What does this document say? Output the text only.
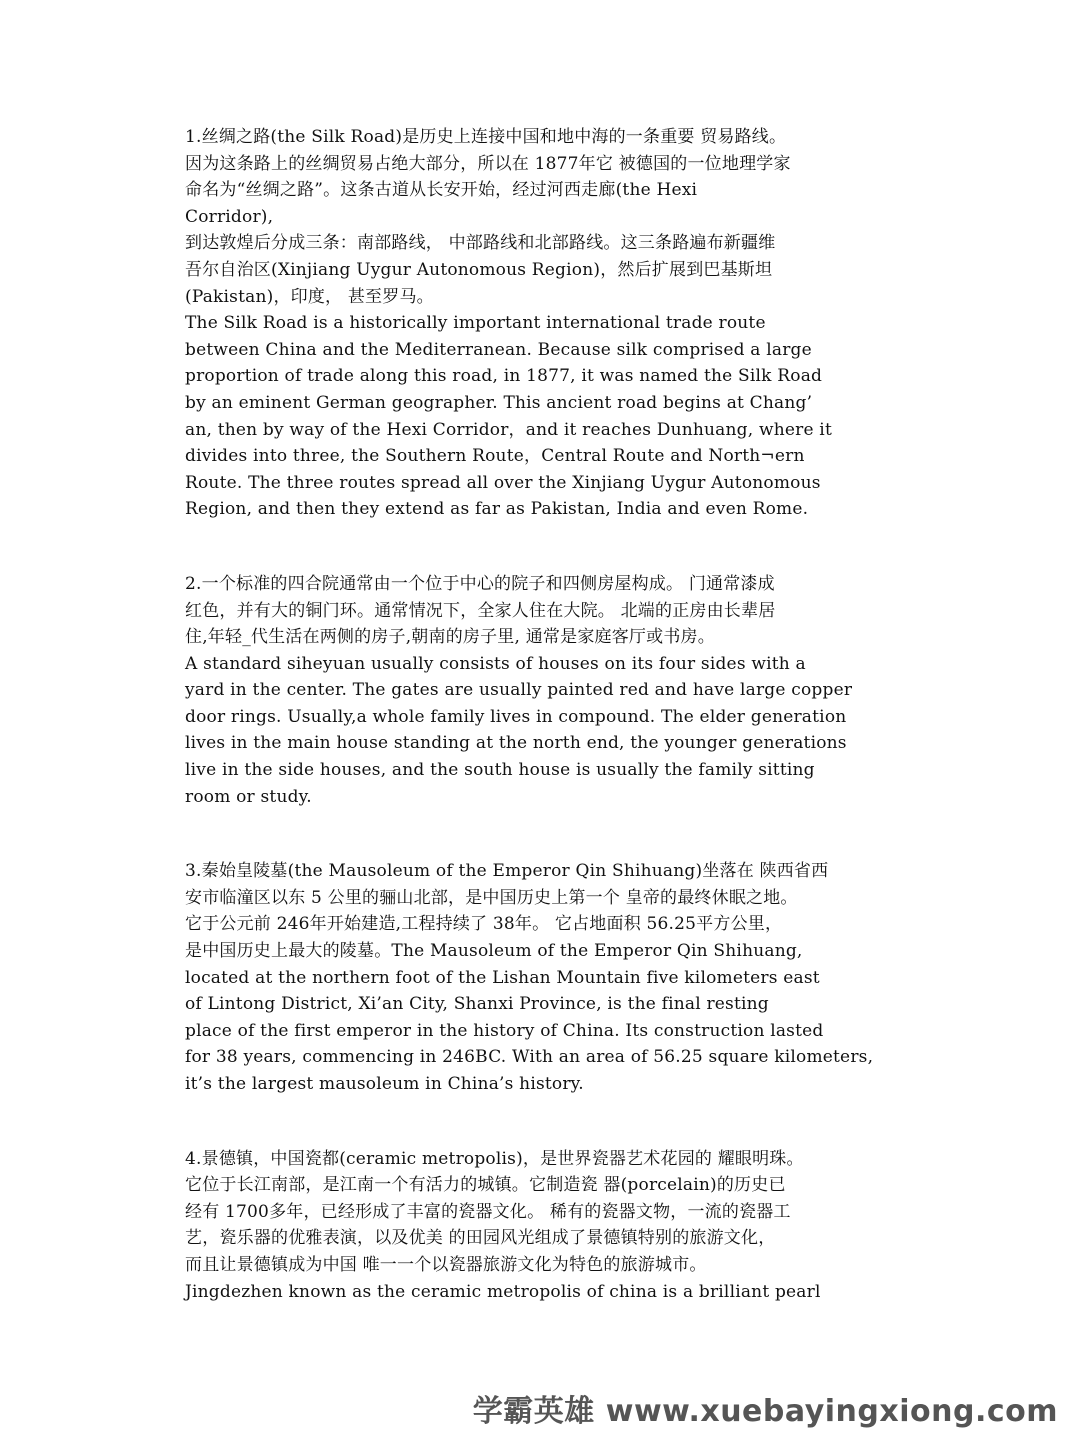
1.丝绸之路(the Silk Road)是历史上连接中国和地中海的一条重要 贸易路线。
因为这条路上的丝绸贸易占绝大部分，所以在 1877年它 被德国的一位地理学家
命名为“丝绸之路”。这条古道从长安开始，经过河西走廊(the Hexi
Corridor),
到达敦煌后分成三条：南部路线， 中部路线和北部路线。这三条路遍布新疆维
吾尔自治区(Xinjiang Uygur Autonomous Region)，然后扩展到巴基斯坦
(Pakistan)，印度， 甚至罗马。
The Silk Road is a historically important international trade route
between China and the Mediterranean. Because silk comprised a large
proportion of trade along this road, in 1877, it was named the Silk Road
by an eminent German geographer. This ancient road begins at Chang’
an, then by way of the Hexi Corridor，and it reaches Dunhuang, where it
divides into three, the Southern Route，Central Route and North¬ern
Route. The three routes spread all over the Xinjiang Uygur Autonomous
Region, and then they extend as far as Pakistan, India and even Rome.
2.一个标准的四合院通常由一个位于中心的院子和四侧房屋构成。 门通常漆成
红色，并有大的铜门环。通常情况下，全家人住在大院。 北端的正房由长辈居
住,年轻_代生活在两侧的房子,朝南的房子里, 通常是家庭客厅或书房。
A standard siheyuan usually consists of houses on its four sides with a
yard in the center. The gates are usually painted red and have large copper
door rings. Usually,a whole family lives in compound. The elder generation
lives in the main house standing at the north end, the younger generations
live in the side houses, and the south house is usually the family sitting
room or study.
3.秦始皇陵墓(the Mausoleum of the Emperor Qin Shihuang)坐落在 陕西省西
安市临潼区以东 5 公里的骊山北部，是中国历史上第一个 皇帝的最终休眠之地。
它于公元前 246年开始建造,工程持续了 38年。 它占地面积 56.25平方公里，
是中国历史上最大的陵墓。The Mausoleum of the Emperor Qin Shihuang,
located at the northern foot of the Lishan Mountain five kilometers east
of Lintong District, Xi’an City, Shanxi Province, is the final resting
place of the first emperor in the history of China. Its construction lasted
for 38 years, commencing in 246BC. With an area of 56.25 square kilometers,
it’s the largest mausoleum in China’s history.
4.景德镇，中国瓷都(ceramic metropolis)，是世界瓷器艺术花园的 耀眼明珠。
它位于长江南部，是江南一个有活力的城镇。它制造瓷 器(porcelain)的历史已
经有 1700多年，已经形成了丰富的瓷器文化。 稀有的瓷器文物，一流的瓷器工
艺，瓷乐器的优雅表演，以及优美 的田园风光组成了景德镇特别的旅游文化，
而且让景德镇成为中国 唯一一个以瓷器旅游文化为特色的旅游城市。
Jingdezhen known as the ceramic metropolis of china is a brilliant pearl
学霸英雄 www.xuebayingxiong.com
